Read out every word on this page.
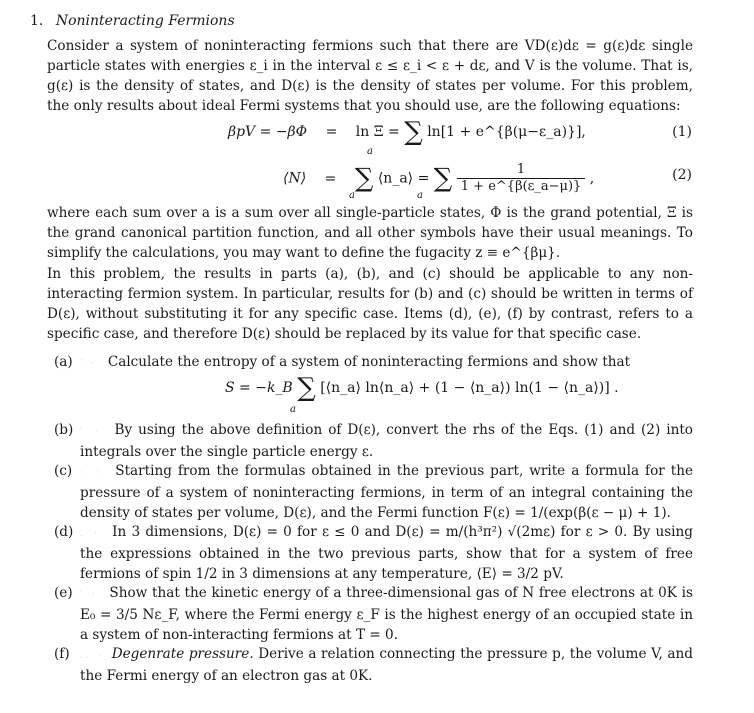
1. Noninteracting Fermions
Consider a system of noninteracting fermions such that there are VD(ε)dε = g(ε)dε single particle states with energies ε_i in the interval ε ≤ ε_i < ε + dε, and V is the volume. That is, g(ε) is the density of states, and D(ε) is the density of states per volume. For this problem, the only results about ideal Fermi systems that you should use, are the following equations:
βpV = −βΦ = ln Ξ = ∑ ln[1 + e^{β(μ−ε_a)}],
a
(1)
⟨N⟩ = ∑ ⟨n_a⟩ = ∑ $\frac{1}{1 + e\^{}\{\beta(\varepsilon\_a-\mu)\}}$ ,
a	a
(2)
where each sum over a is a sum over all single-particle states, Φ is the grand potential, Ξ is the grand canonical partition function, and all other symbols have their usual meanings. To simplify the calculations, you may want to define the fugacity z ≡ e^{βμ}.
In this problem, the results in parts (a), (b), and (c) should be applicable to any non-interacting fermion system. In particular, results for (b) and (c) should be written in terms of D(ε), without substituting it for any specific case. Items (d), (e), (f) by contrast, refers to a specific case, and therefore D(ε) should be replaced by its value for that specific case.
(a) ′   · Calculate the entropy of a system of noninteracting fermions and show that
S = −k_B ∑ [⟨n_a⟩ ln⟨n_a⟩ + (1 − ⟨n_a⟩) ln(1 − ⟨n_a⟩)] .
a
(b) ′   · By using the above definition of D(ε), convert the rhs of the Eqs. (1) and (2) into integrals over the single particle energy ε.
(c) ·   · Starting from the formulas obtained in the previous part, write a formula for the pressure of a system of noninteracting fermions, in term of an integral containing the density of states per volume, D(ε), and the Fermi function F(ε) = 1/(exp(β(ε − μ) + 1).
(d) .   · In 3 dimensions, D(ε) = 0 for ε ≤ 0 and D(ε) = m/(h³π²) √(2mε) for ε > 0. By using the expressions obtained in the two previous parts, show that for a system of free fermions of spin 1/2 in 3 dimensions at any temperature, ⟨E⟩ = 3/2 pV.
(e) ′   · Show that the kinetic energy of a three-dimensional gas of N free electrons at 0K is E₀ = 3/5 Nε_F, where the Fermi energy ε_F is the highest energy of an occupied state in a system of non-interacting fermions at T = 0.
(f) . .   · Degenrate pressure. Derive a relation connecting the pressure p, the volume V, and the Fermi energy of an electron gas at 0K.
